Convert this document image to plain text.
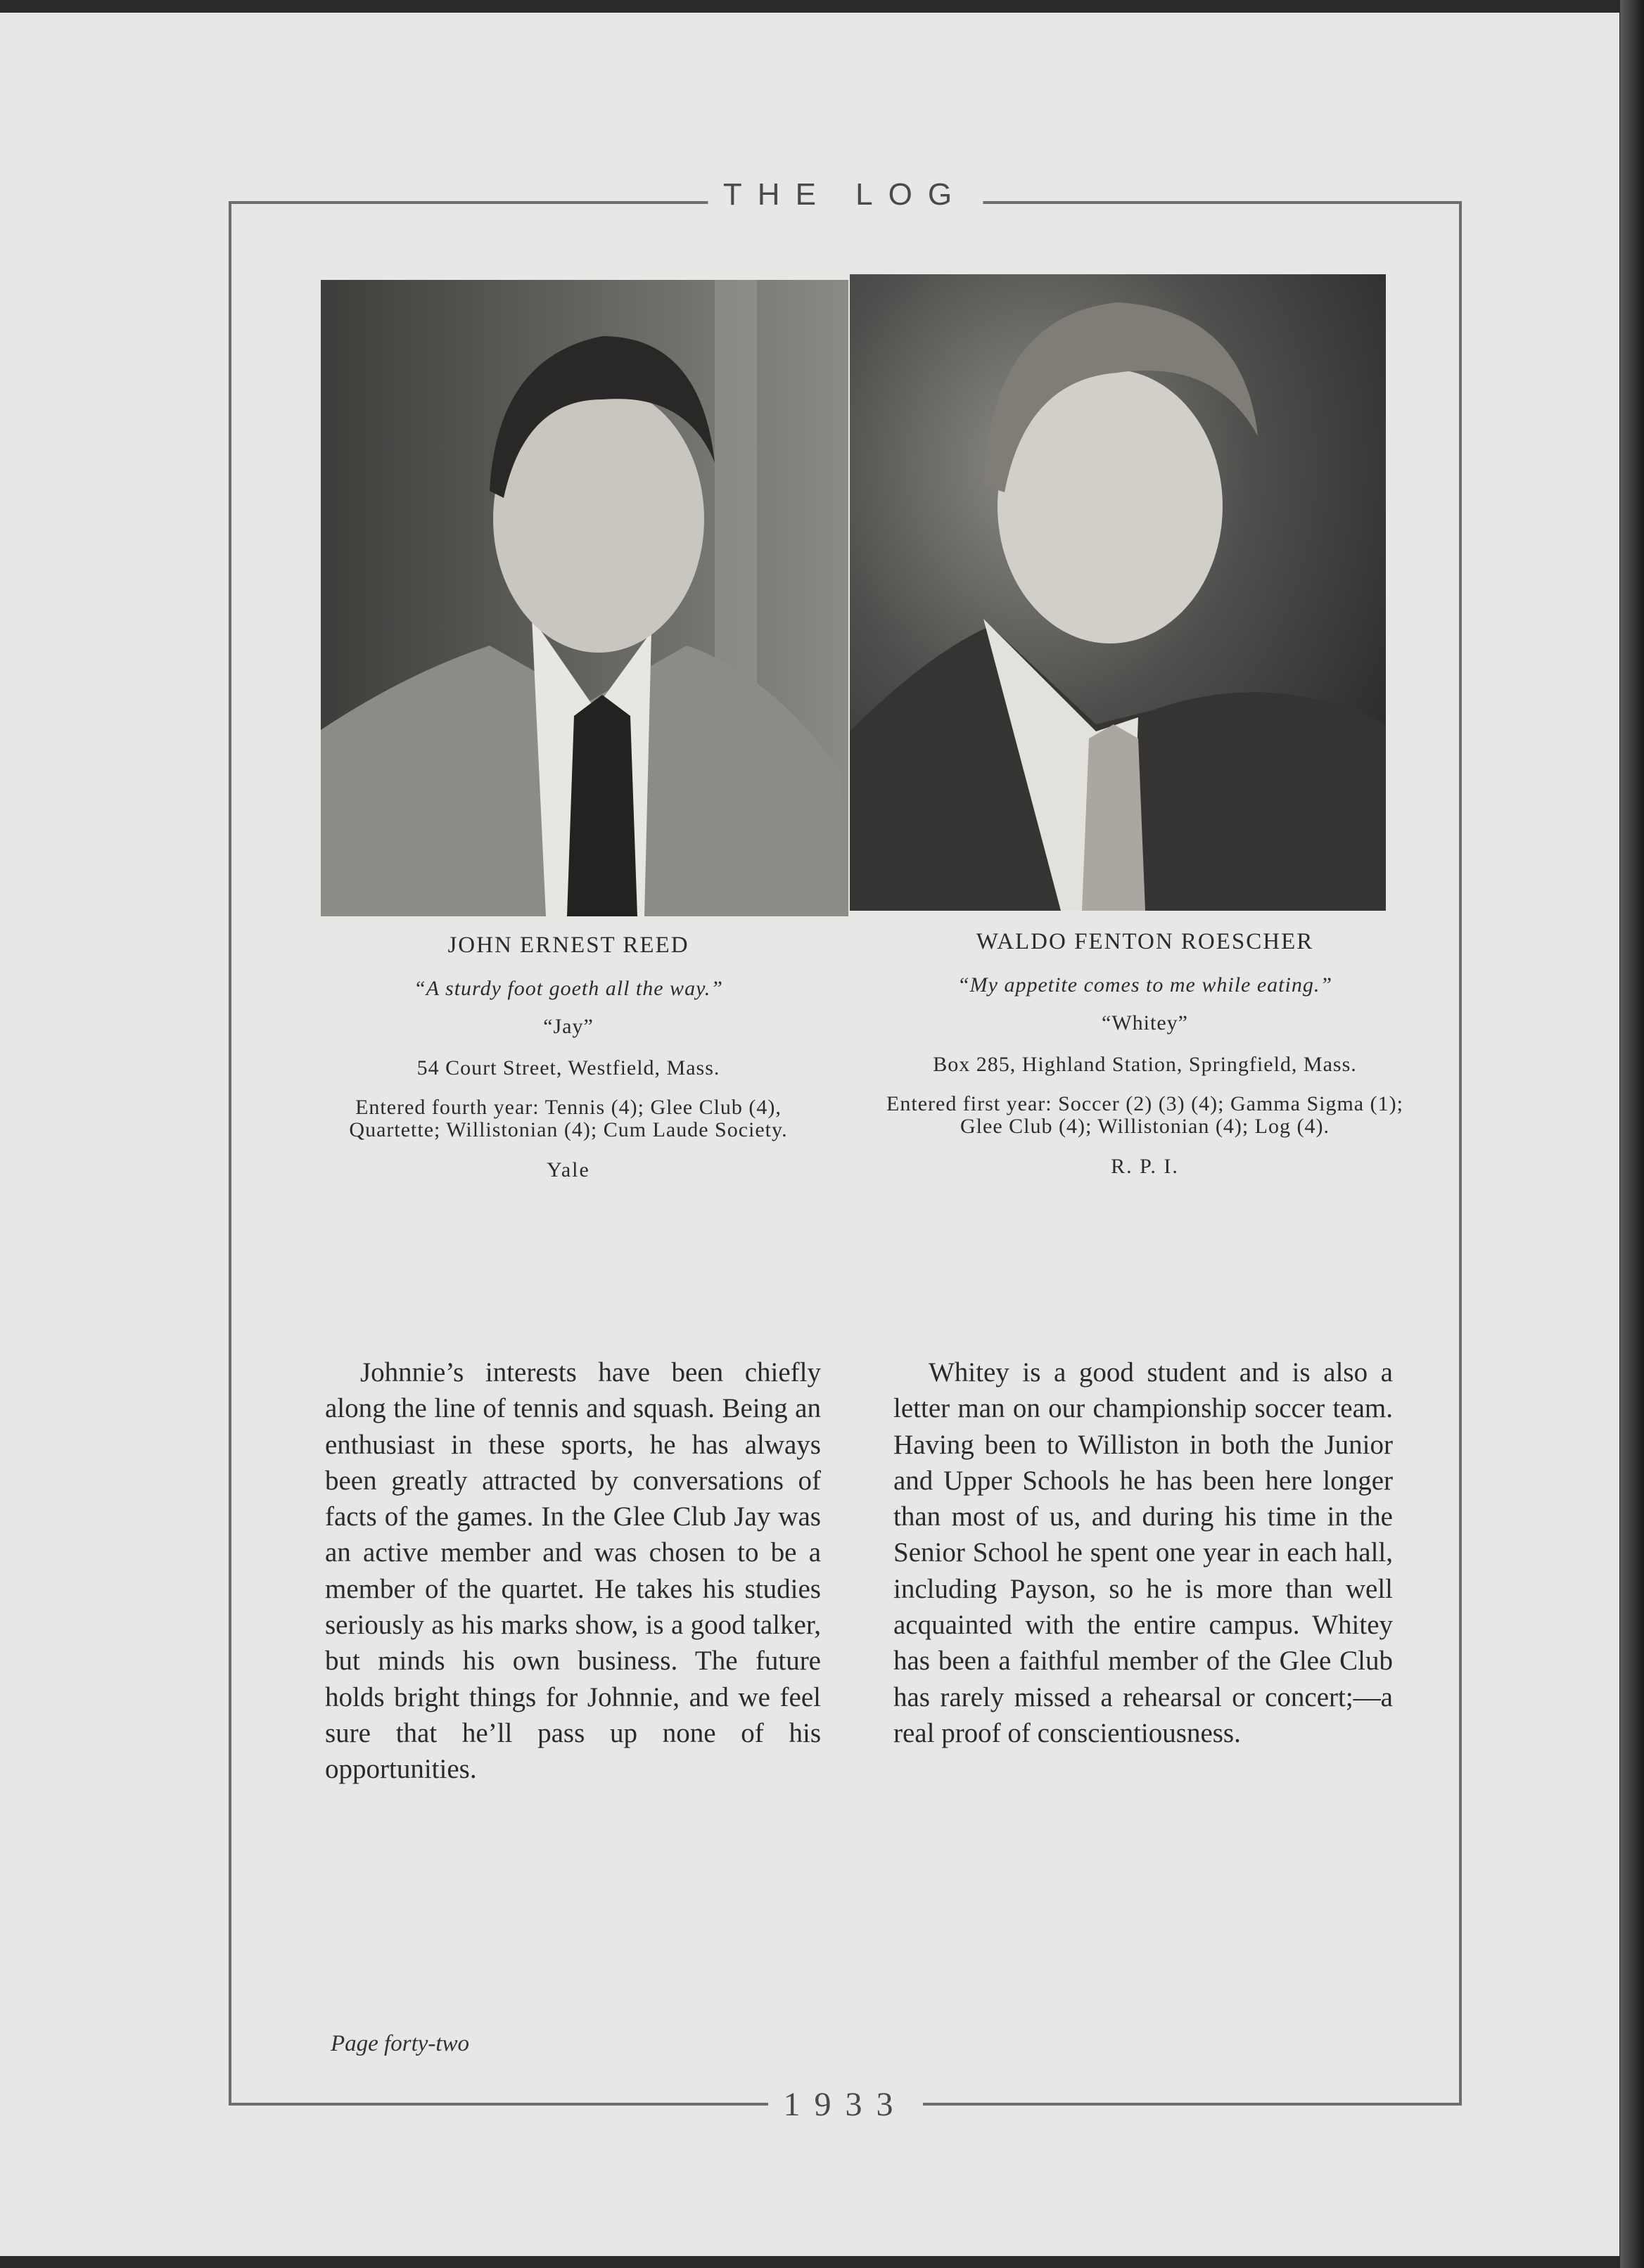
THE LOG
1933

JOHN ERNEST REED

“A sturdy foot goeth all the way.”

“Jay”

54 Court Street, Westfield, Mass.

Entered fourth year: Tennis (4); Glee Club (4), Quartette; Willistonian (4); Cum Laude Society.

Yale

WALDO FENTON ROESCHER

“My appetite comes to me while eating.”

“Whitey”

Box 285, Highland Station, Springfield, Mass.

Entered first year: Soccer (2) (3) (4); Gamma Sigma (1); Glee Club (4); Willistonian (4); Log (4).

R. P. I.

Johnnie’s interests have been chiefly along the line of tennis and squash. Being an enthusiast in these sports, he has always been greatly attracted by conversations of facts of the games. In the Glee Club Jay was an active member and was chosen to be a member of the quartet. He takes his studies seriously as his marks show, is a good talker, but minds his own business. The future holds bright things for Johnnie, and we feel sure that he’ll pass up none of his opportunities.

Whitey is a good student and is also a letter man on our championship soccer team. Having been to Williston in both the Junior and Upper Schools he has been here longer than most of us, and during his time in the Senior School he spent one year in each hall, including Payson, so he is more than well acquainted with the entire campus. Whitey has been a faithful member of the Glee Club has rarely missed a rehearsal or concert;—a real proof of conscientiousness.

Page forty-two
